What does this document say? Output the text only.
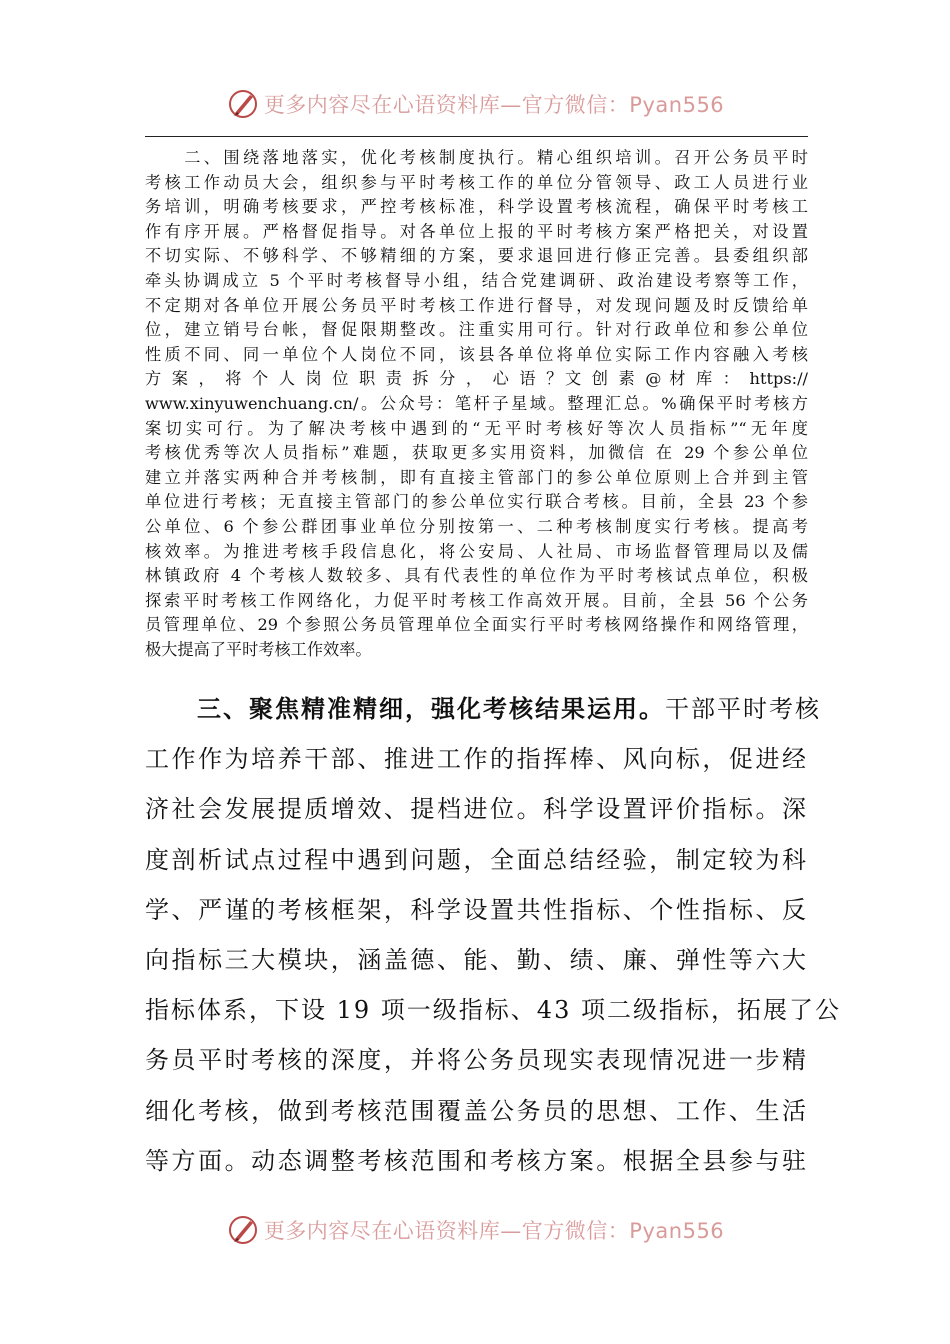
更多内容尽在心语资料库—官方微信：Pyan556
　　二、围绕落地落实，优化考核制度执行。精心组织培训。召开公务员平时
考核工作动员大会，组织参与平时考核工作的单位分管领导、政工人员进行业
务培训，明确考核要求，严控考核标准，科学设置考核流程，确保平时考核工
作有序开展。严格督促指导。对各单位上报的平时考核方案严格把关，对设置
不切实际、不够科学、不够精细的方案，要求退回进行修正完善。县委组织部
牵头协调成立 5 个平时考核督导小组，结合党建调研、政治建设考察等工作，
不定期对各单位开展公务员平时考核工作进行督导，对发现问题及时反馈给单
位，建立销号台帐，督促限期整改。注重实用可行。针对行政单位和参公单位
性质不同、同一单位个人岗位不同，该县各单位将单位实际工作内容融入考核
方 案 ， 将 个 人 岗 位 职 责 拆 分 ， 心 语 ？文 创 素 @ 材 库 ： https://
www.xinyuwenchuang.cn/。公众号：笔杆子星域。整理汇总。%确保平时考核方
案切实可行。为了解决考核中遇到的“无平时考核好等次人员指标”“无年度
考核优秀等次人员指标”难题，获取更多实用资料，加微信 在 29 个参公单位
建立并落实两种合并考核制，即有直接主管部门的参公单位原则上合并到主管
单位进行考核；无直接主管部门的参公单位实行联合考核。目前，全县 23 个参
公单位、6 个参公群团事业单位分别按第一、二种考核制度实行考核。提高考
核效率。为推进考核手段信息化，将公安局、人社局、市场监督管理局以及儒
林镇政府 4 个考核人数较多、具有代表性的单位作为平时考核试点单位，积极
探索平时考核工作网络化，力促平时考核工作高效开展。目前，全县 56 个公务
员管理单位、29 个参照公务员管理单位全面实行平时考核网络操作和网络管理，
极大提高了平时考核工作效率。
　　三、聚焦精准精细，强化考核结果运用。干部平时考核
工作作为培养干部、推进工作的指挥棒、风向标，促进经
济社会发展提质增效、提档进位。科学设置评价指标。深
度剖析试点过程中遇到问题，全面总结经验，制定较为科
学、严谨的考核框架，科学设置共性指标、个性指标、反
向指标三大模块，涵盖德、能、勤、绩、廉、弹性等六大
指标体系，下设 19 项一级指标、43 项二级指标，拓展了公
务员平时考核的深度，并将公务员现实表现情况进一步精
细化考核，做到考核范围覆盖公务员的思想、工作、生活
等方面。动态调整考核范围和考核方案。根据全县参与驻
更多内容尽在心语资料库—官方微信：Pyan556
